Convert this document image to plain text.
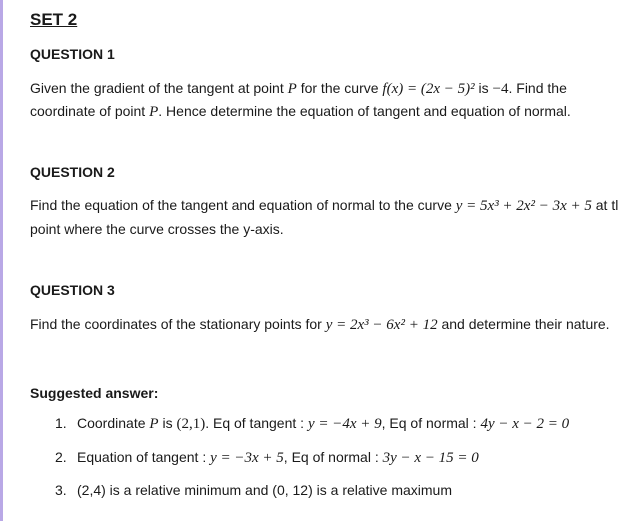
SET 2
QUESTION 1
Given the gradient of the tangent at point P for the curve f(x) = (2x − 5)² is −4. Find the
coordinate of point P. Hence determine the equation of tangent and equation of normal.
QUESTION 2
Find the equation of the tangent and equation of normal to the curve y = 5x³ + 2x² − 3x + 5 at tl
point where the curve crosses the y-axis.
QUESTION 3
Find the coordinates of the stationary points for y = 2x³ − 6x² + 12 and determine their nature.
Suggested answer:
1. Coordinate P is (2,1). Eq of tangent : y = −4x + 9, Eq of normal : 4y − x − 2 = 0
2. Equation of tangent : y = −3x + 5, Eq of normal : 3y − x − 15 = 0
3. (2,4) is a relative minimum and (0, 12) is a relative maximum
